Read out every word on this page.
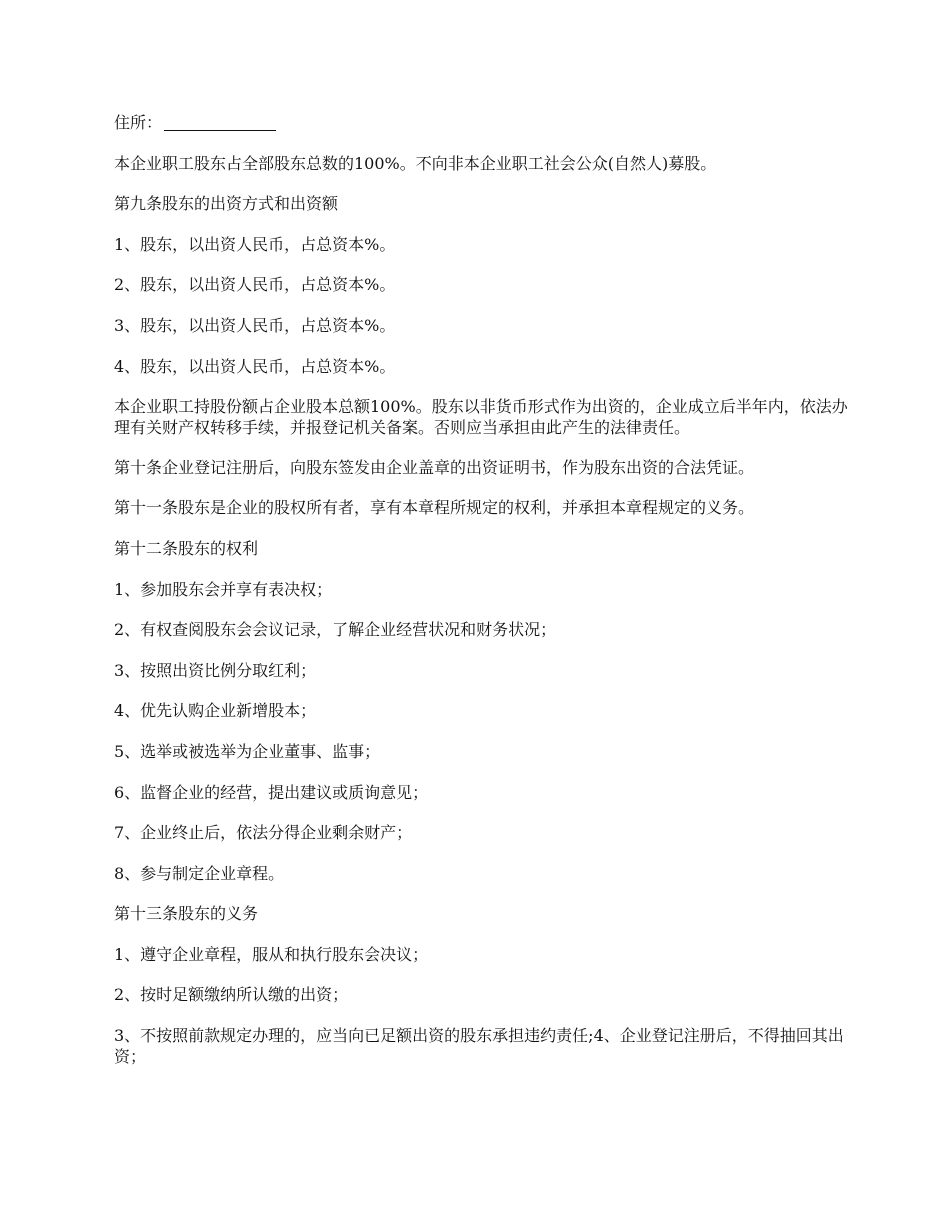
住所：

本企业职工股东占全部股东总数的100%。不向非本企业职工社会公众(自然人)募股。

第九条股东的出资方式和出资额

1、股东，以出资人民币，占总资本%。

2、股东，以出资人民币，占总资本%。

3、股东，以出资人民币，占总资本%。

4、股东，以出资人民币，占总资本%。

本企业职工持股份额占企业股本总额100%。股东以非货币形式作为出资的，企业成立后半年内，依法办理有关财产权转移手续，并报登记机关备案。否则应当承担由此产生的法律责任。

第十条企业登记注册后，向股东签发由企业盖章的出资证明书，作为股东出资的合法凭证。

第十一条股东是企业的股权所有者，享有本章程所规定的权利，并承担本章程规定的义务。

第十二条股东的权利

1、参加股东会并享有表决权；

2、有权查阅股东会会议记录，了解企业经营状况和财务状况；

3、按照出资比例分取红利；

4、优先认购企业新增股本；

5、选举或被选举为企业董事、监事；

6、监督企业的经营，提出建议或质询意见；

7、企业终止后，依法分得企业剩余财产；

8、参与制定企业章程。

第十三条股东的义务

1、遵守企业章程，服从和执行股东会决议；

2、按时足额缴纳所认缴的出资；

3、不按照前款规定办理的，应当向已足额出资的股东承担违约责任;4、企业登记注册后，不得抽回其出资；
